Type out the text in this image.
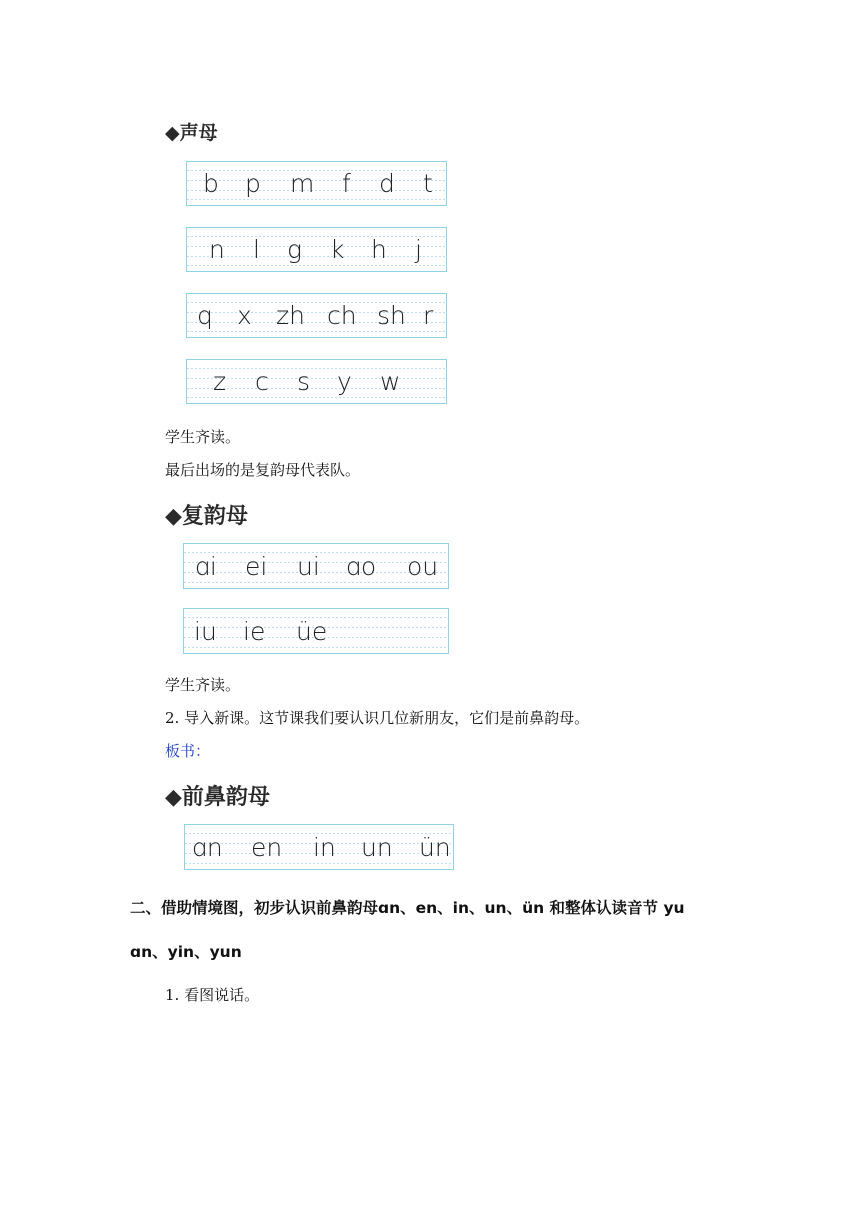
◆声母
b p m f d t
n l g k h j
q x zh ch sh r
z c s y w
学生齐读。
最后出场的是复韵母代表队。
◆复韵母
ɑi ei ui ɑo ou
iu ie üe
学生齐读。
2. 导入新课。这节课我们要认识几位新朋友，它们是前鼻韵母。
板书：
◆前鼻韵母
ɑn en in un ün
二、借助情境图，初步认识前鼻韵母ɑn、en、in、un、ün 和整体认读音节 yu
ɑn、yin、yun
1. 看图说话。
